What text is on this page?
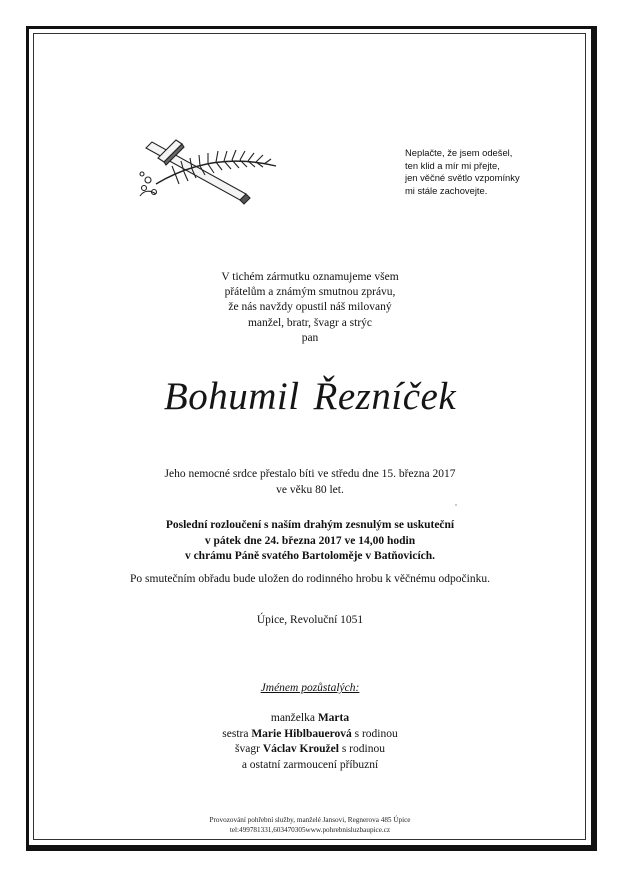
Neplačte, že jsem odešel,
ten klid a mír mi přejte,
jen věčné světlo vzpomínky
mi stále zachovejte.
V tichém zármutku oznamujeme všem
přátelům a známým smutnou zprávu,
že nás navždy opustil náš milovaný
manžel, bratr, švagr a strýc
pan
Bohumil Řezníček
Jeho nemocné srdce přestalo bíti ve středu dne 15. března 2017
ve věku 80 let.
Poslední rozloučení s naším drahým zesnulým se uskuteční
v pátek dne 24. března 2017 ve 14,00 hodin
v chrámu Páně svatého Bartoloměje v Batňovicích.
Po smutečním obřadu bude uložen do rodinného hrobu k věčnému odpočinku.
Úpice, Revoluční 1051
Jménem pozůstalých:
manželka Marta
sestra Marie Hiblbauerová s rodinou
švagr Václav Kroužel s rodinou
a ostatní zarmoucení příbuzní
Provozování pohřební služby, manželé Jansovi, Regnerova 485 Úpice
tel:499781331,603470305www.pohrebnisluzbaupice.cz
